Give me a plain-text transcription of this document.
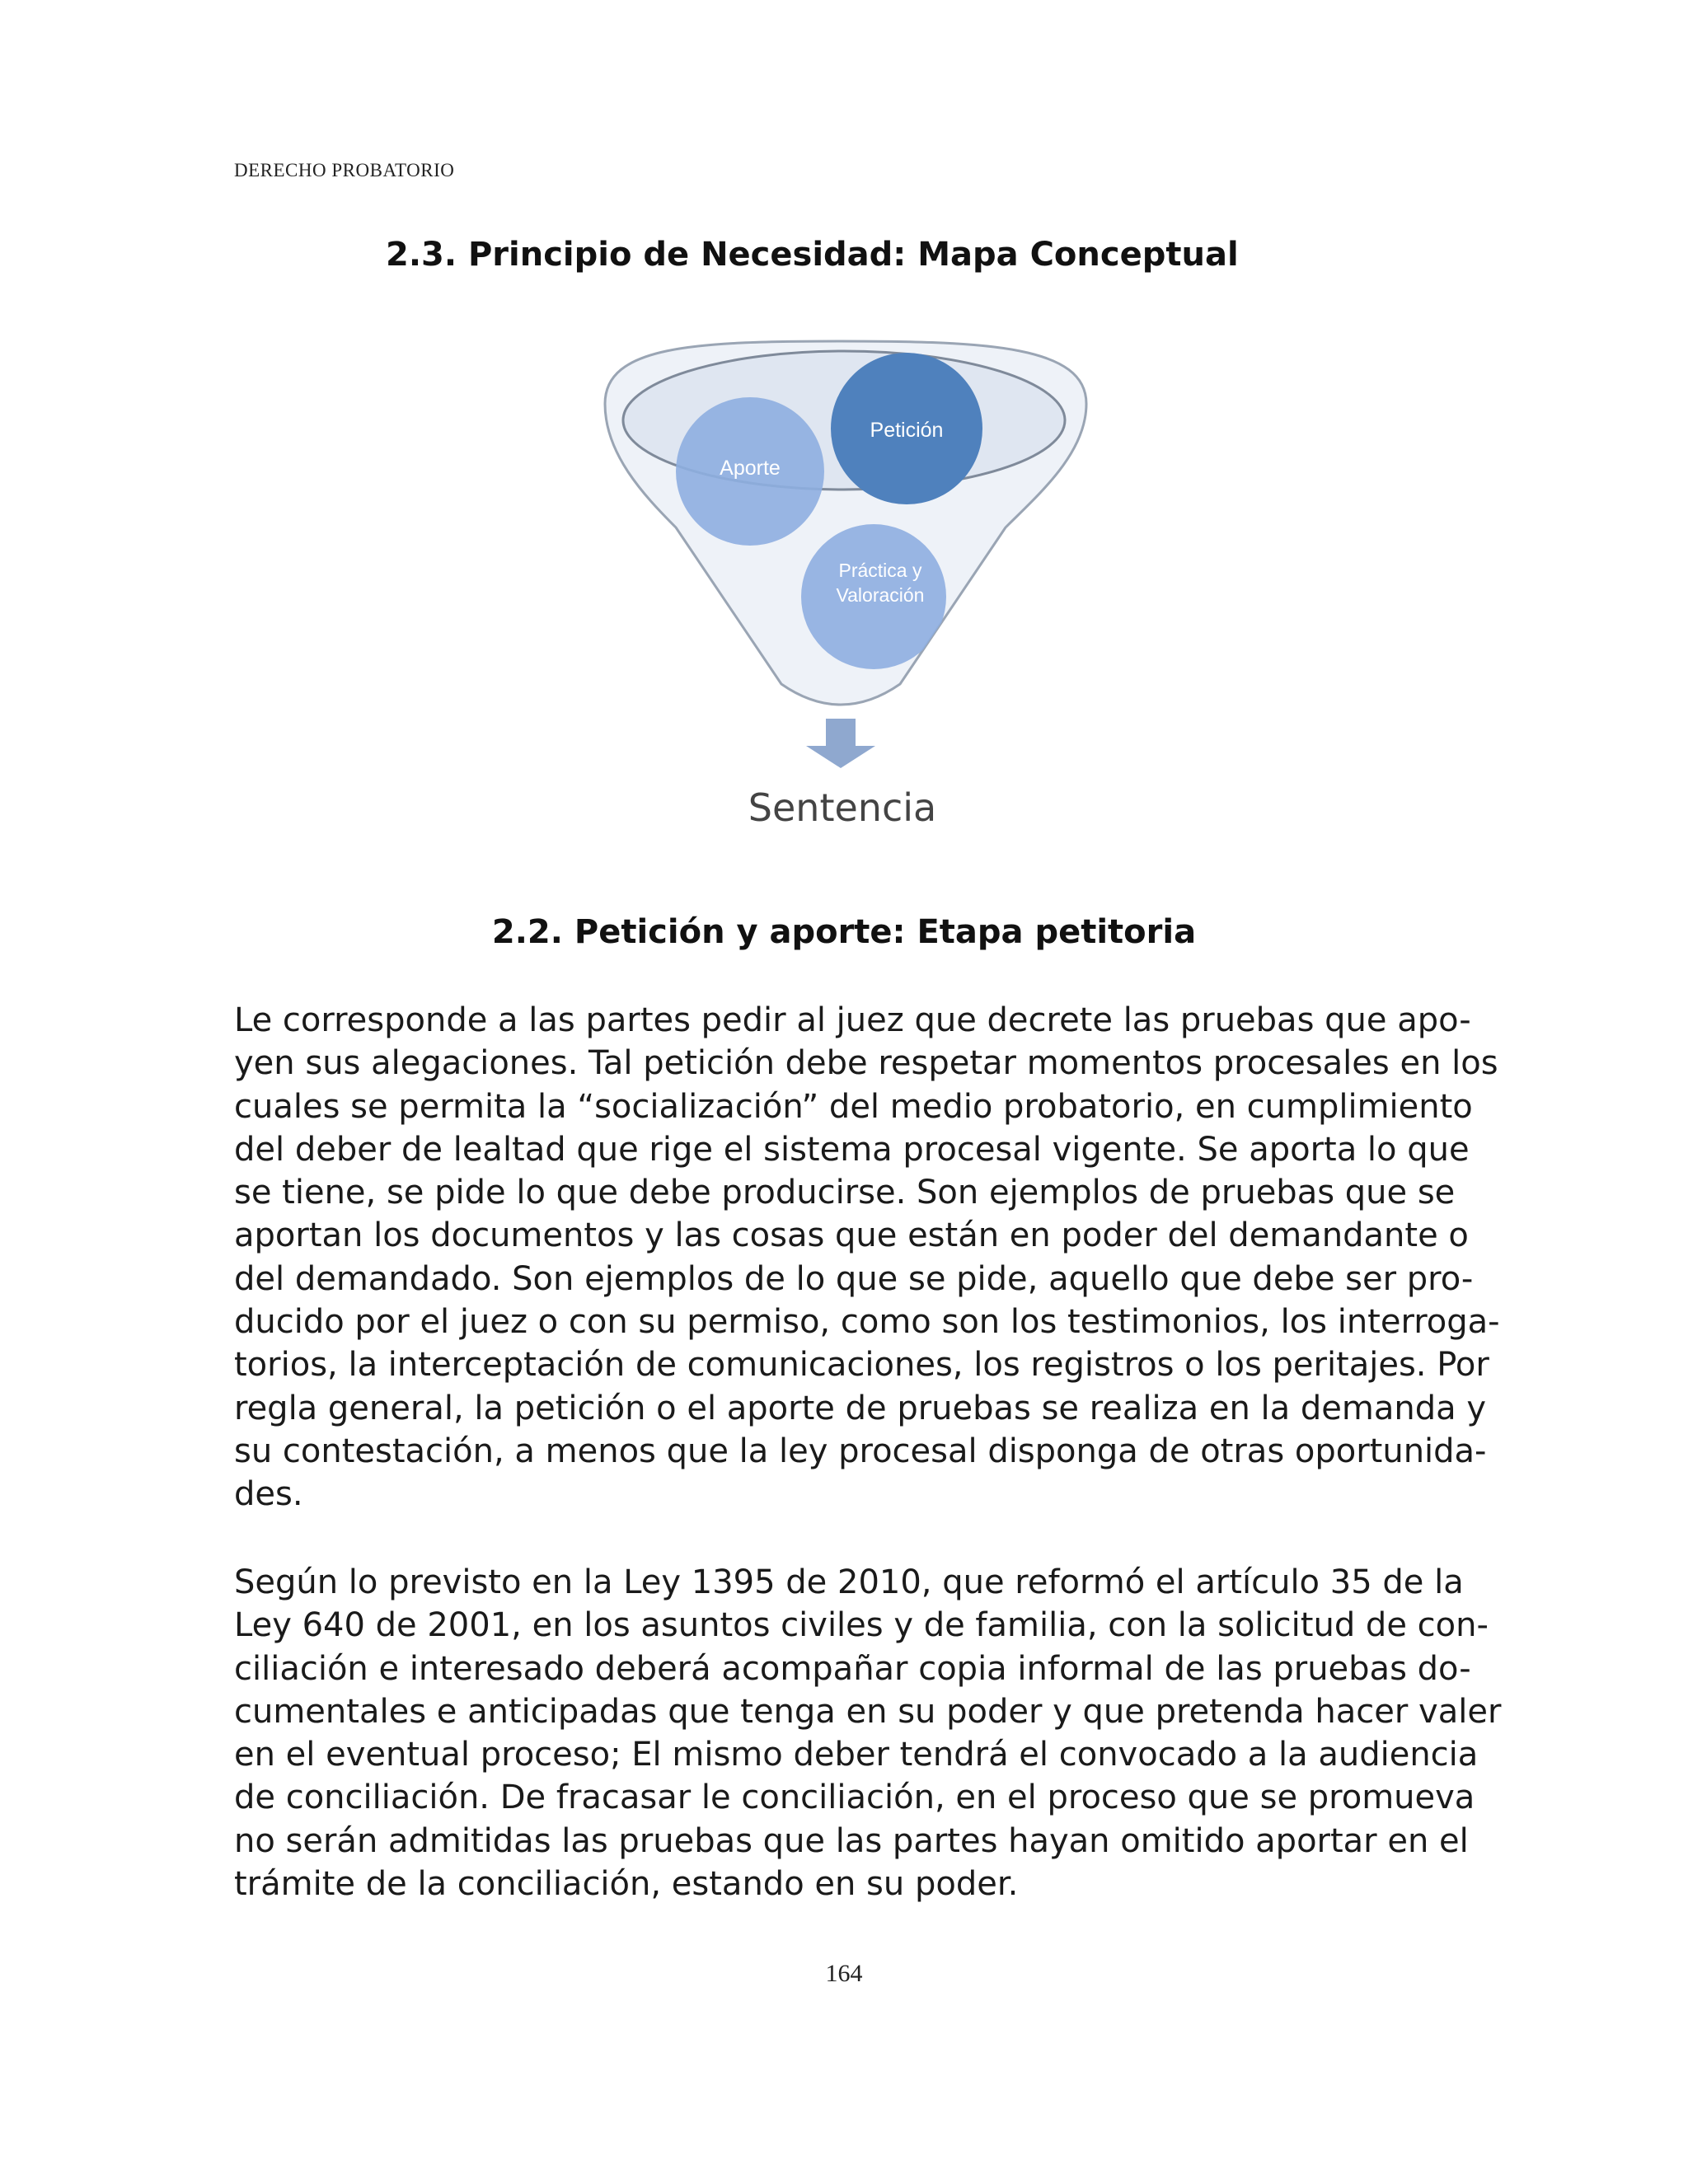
DERECHO PROBATORIO
2.3. Principio de Necesidad: Mapa Conceptual
Aporte
Petición
Práctica y
Valoración
Sentencia
2.2. Petición y aporte: Etapa petitoria
Le corresponde a las partes pedir al juez que decrete las pruebas que apo-
yen sus alegaciones. Tal petición debe respetar momentos procesales en los
cuales se permita la “socialización” del medio probatorio, en cumplimiento
del deber de lealtad que rige el sistema procesal vigente. Se aporta lo que
se tiene, se pide lo que debe producirse. Son ejemplos de pruebas que se
aportan los documentos y las cosas que están en poder del demandante o
del demandado. Son ejemplos de lo que se pide, aquello que debe ser pro-
ducido por el juez o con su permiso, como son los testimonios, los interroga-
torios, la interceptación de comunicaciones, los registros o los peritajes. Por
regla general, la petición o el aporte de pruebas se realiza en la demanda y
su contestación, a menos que la ley procesal disponga de otras oportunida-
des.
Según lo previsto en la Ley 1395 de 2010, que reformó el artículo 35 de la
Ley 640 de 2001, en los asuntos civiles y de familia, con la solicitud de con-
ciliación e interesado deberá acompañar copia informal de las pruebas do-
cumentales e anticipadas que tenga en su poder y que pretenda hacer valer
en el eventual proceso; El mismo deber tendrá el convocado a la audiencia
de conciliación. De fracasar le conciliación, en el proceso que se promueva
no serán admitidas las pruebas que las partes hayan omitido aportar en el
trámite de la conciliación, estando en su poder.
164
